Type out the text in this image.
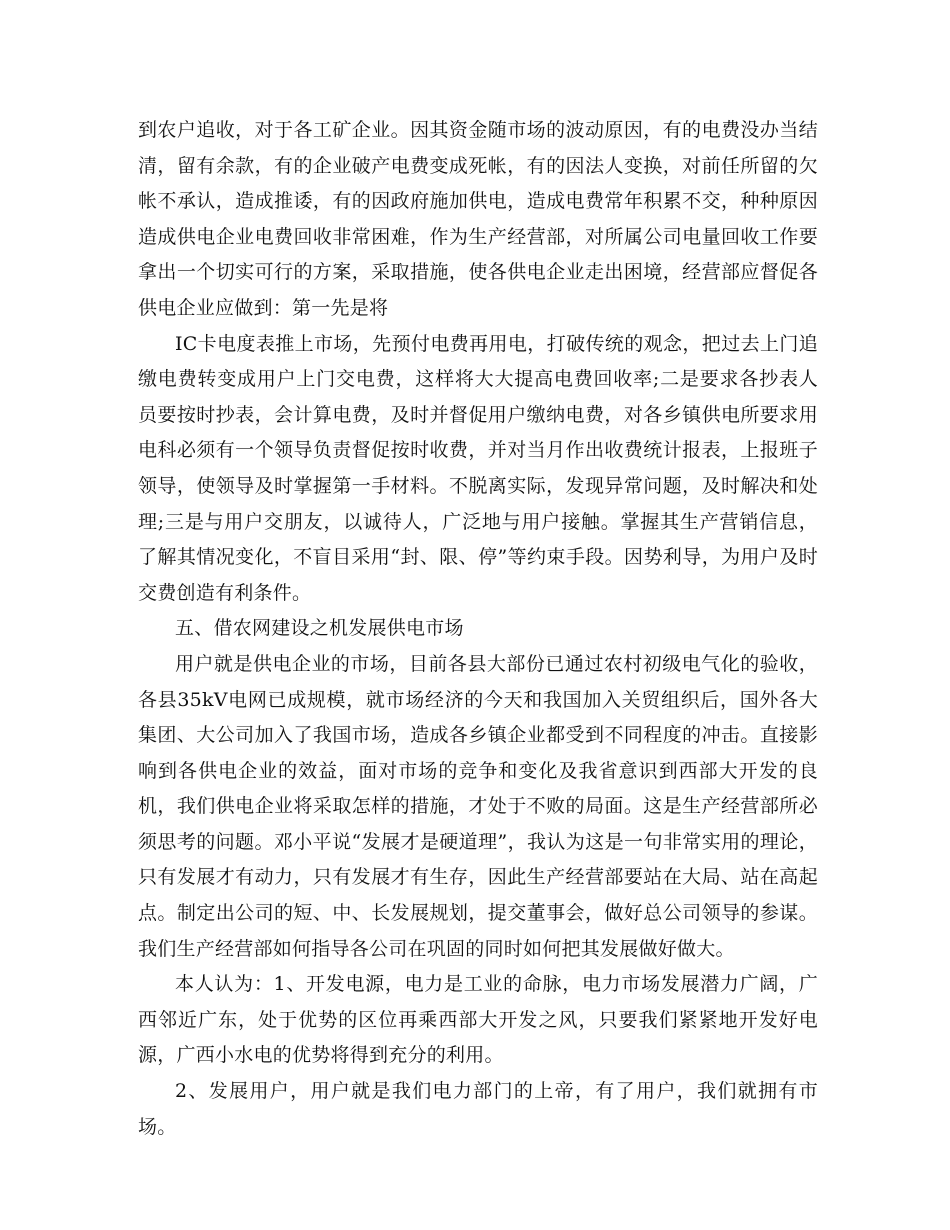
到农户追收，对于各工矿企业。因其资金随市场的波动原因，有的电费没办当结清，留有余款，有的企业破产电费变成死帐，有的因法人变换，对前任所留的欠帐不承认，造成推诿，有的因政府施加供电，造成电费常年积累不交，种种原因造成供电企业电费回收非常困难，作为生产经营部，对所属公司电量回收工作要拿出一个切实可行的方案，采取措施，使各供电企业走出困境，经营部应督促各供电企业应做到：第一先是将

IC卡电度表推上市场，先预付电费再用电，打破传统的观念，把过去上门追缴电费转变成用户上门交电费，这样将大大提高电费回收率;二是要求各抄表人员要按时抄表，会计算电费，及时并督促用户缴纳电费，对各乡镇供电所要求用电科必须有一个领导负责督促按时收费，并对当月作出收费统计报表，上报班子领导，使领导及时掌握第一手材料。不脱离实际，发现异常问题，及时解决和处理;三是与用户交朋友，以诚待人，广泛地与用户接触。掌握其生产营销信息，了解其情况变化，不盲目采用“封、限、停”等约束手段。因势利导，为用户及时交费创造有利条件。

五、借农网建设之机发展供电市场

用户就是供电企业的市场，目前各县大部份已通过农村初级电气化的验收，各县35kV电网已成规模，就市场经济的今天和我国加入关贸组织后，国外各大集团、大公司加入了我国市场，造成各乡镇企业都受到不同程度的冲击。直接影响到各供电企业的效益，面对市场的竞争和变化及我省意识到西部大开发的良机，我们供电企业将采取怎样的措施，才处于不败的局面。这是生产经营部所必须思考的问题。邓小平说“发展才是硬道理”，我认为这是一句非常实用的理论，只有发展才有动力，只有发展才有生存，因此生产经营部要站在大局、站在高起点。制定出公司的短、中、长发展规划，提交董事会，做好总公司领导的参谋。我们生产经营部如何指导各公司在巩固的同时如何把其发展做好做大。

本人认为：1、开发电源，电力是工业的命脉，电力市场发展潜力广阔，广西邻近广东，处于优势的区位再乘西部大开发之风，只要我们紧紧地开发好电源，广西小水电的优势将得到充分的利用。

2、发展用户，用户就是我们电力部门的上帝，有了用户，我们就拥有市场。
